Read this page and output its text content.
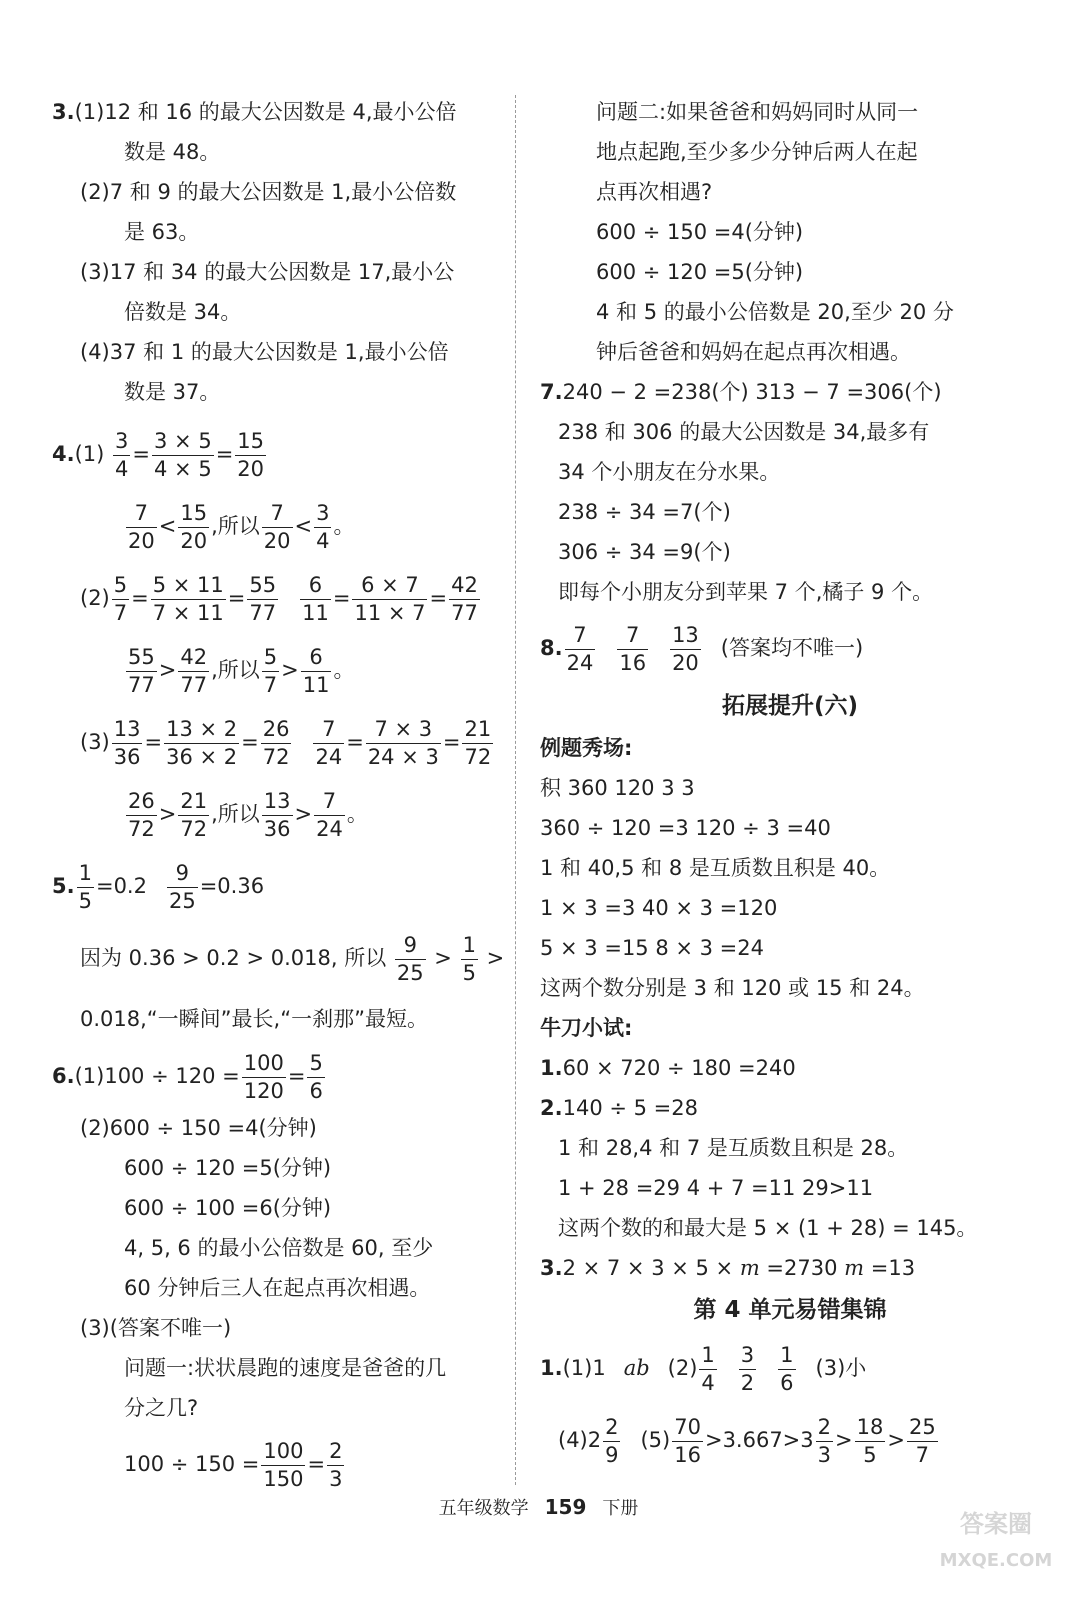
3.(1)12 和 16 的最大公因数是 4,最小公倍
数是 48。
(2)7 和 9 的最大公因数是 1,最小公倍数
是 63。
(3)17 和 34 的最大公因数是 17,最小公
倍数是 34。
(4)37 和 1 的最大公因数是 1,最小公倍
数是 37。
$4.(1) \frac{3}{4} = \frac{3 \times 5}{4 \times 5} = \frac{15}{20}$
$\frac{7}{20} < \frac{15}{20}$ ,所以 $\frac{7}{20} < \frac{3}{4}$ 。
$(2) \frac{5}{7} = \frac{5 \times 11}{7 \times 11} = \frac{55}{77} \frac{6}{11} = \frac{6 \times 7}{11 \times 7} = \frac{42}{77}$
$\frac{55}{77} > \frac{42}{77}$ ,所以 $\frac{5}{7} > \frac{6}{11}$ 。
$(3) \frac{13}{36} = \frac{13 \times 2}{36 \times 2} = \frac{26}{72} \frac{7}{24} = \frac{7 \times 3}{24 \times 3} = \frac{21}{72}$
$\frac{26}{72} > \frac{21}{72}$ ,所以 $\frac{13}{36} > \frac{7}{24}$ 。
5. $\frac{1}{5} =0.2 \frac{9}{25} =0.36$
因为 0.36 > 0.2 > 0.018, 所以 $\frac{9}{25} > \frac{1}{5}$ >
0.018,“一瞬间”最长,“一刹那”最短。
$6.(1)100 \div 120 = \frac{100}{120} = \frac{5}{6}$
(2)600 ÷ 150 =4(分钟)
600 ÷ 120 =5(分钟)
600 ÷ 100 =6(分钟)
4, 5, 6 的最小公倍数是 60, 至少
60 分钟后三人在起点再次相遇。
(3)(答案不唯一)
问题一:状状晨跑的速度是爸爸的几
分之几?
$100 \div 150 = \frac{100}{150} = \frac{2}{3}$
问题二:如果爸爸和妈妈同时从同一
地点起跑,至少多少分钟后两人在起
点再次相遇?
600 ÷ 150 =4(分钟)
600 ÷ 120 =5(分钟)
4 和 5 的最小公倍数是 20,至少 20 分
钟后爸爸和妈妈在起点再次相遇。
7.240 − 2 =238(个) 313 − 7 =306(个)
238 和 306 的最大公因数是 34,最多有
34 个小朋友在分水果。
238 ÷ 34 =7(个)
306 ÷ 34 =9(个)
即每个小朋友分到苹果 7 个,橘子 9 个。
8. $\frac{7}{24} \frac{7}{16} \frac{13}{20}$ (答案均不唯一)
拓展提升(六)
例题秀场:
积 360 120 3 3
360 ÷ 120 =3 120 ÷ 3 =40
1 和 40,5 和 8 是互质数且积是 40。
1 × 3 =3 40 × 3 =120
5 × 3 =15 8 × 3 =24
这两个数分别是 3 和 120 或 15 和 24。
牛刀小试:
1.60 × 720 ÷ 180 =240
2.140 ÷ 5 =28
1 和 28,4 和 7 是互质数且积是 28。
1 + 28 =29 4 + 7 =11 29>11
这两个数的和最大是 5 × (1 + 28) = 145。
3.2 × 7 × 3 × 5 × m =2730 m =13
第 4 单元易错集锦
1.(1)1 ab $(2) \frac{1}{4} \frac{3}{2} \frac{1}{6} (3)$小
$(4)2 \frac{2}{9} (5) \frac{70}{16} >3.667>3 \frac{2}{3} > \frac{18}{5} > \frac{25}{7}$
五年级数学 159 下册
答案圈
MXQE.COM
